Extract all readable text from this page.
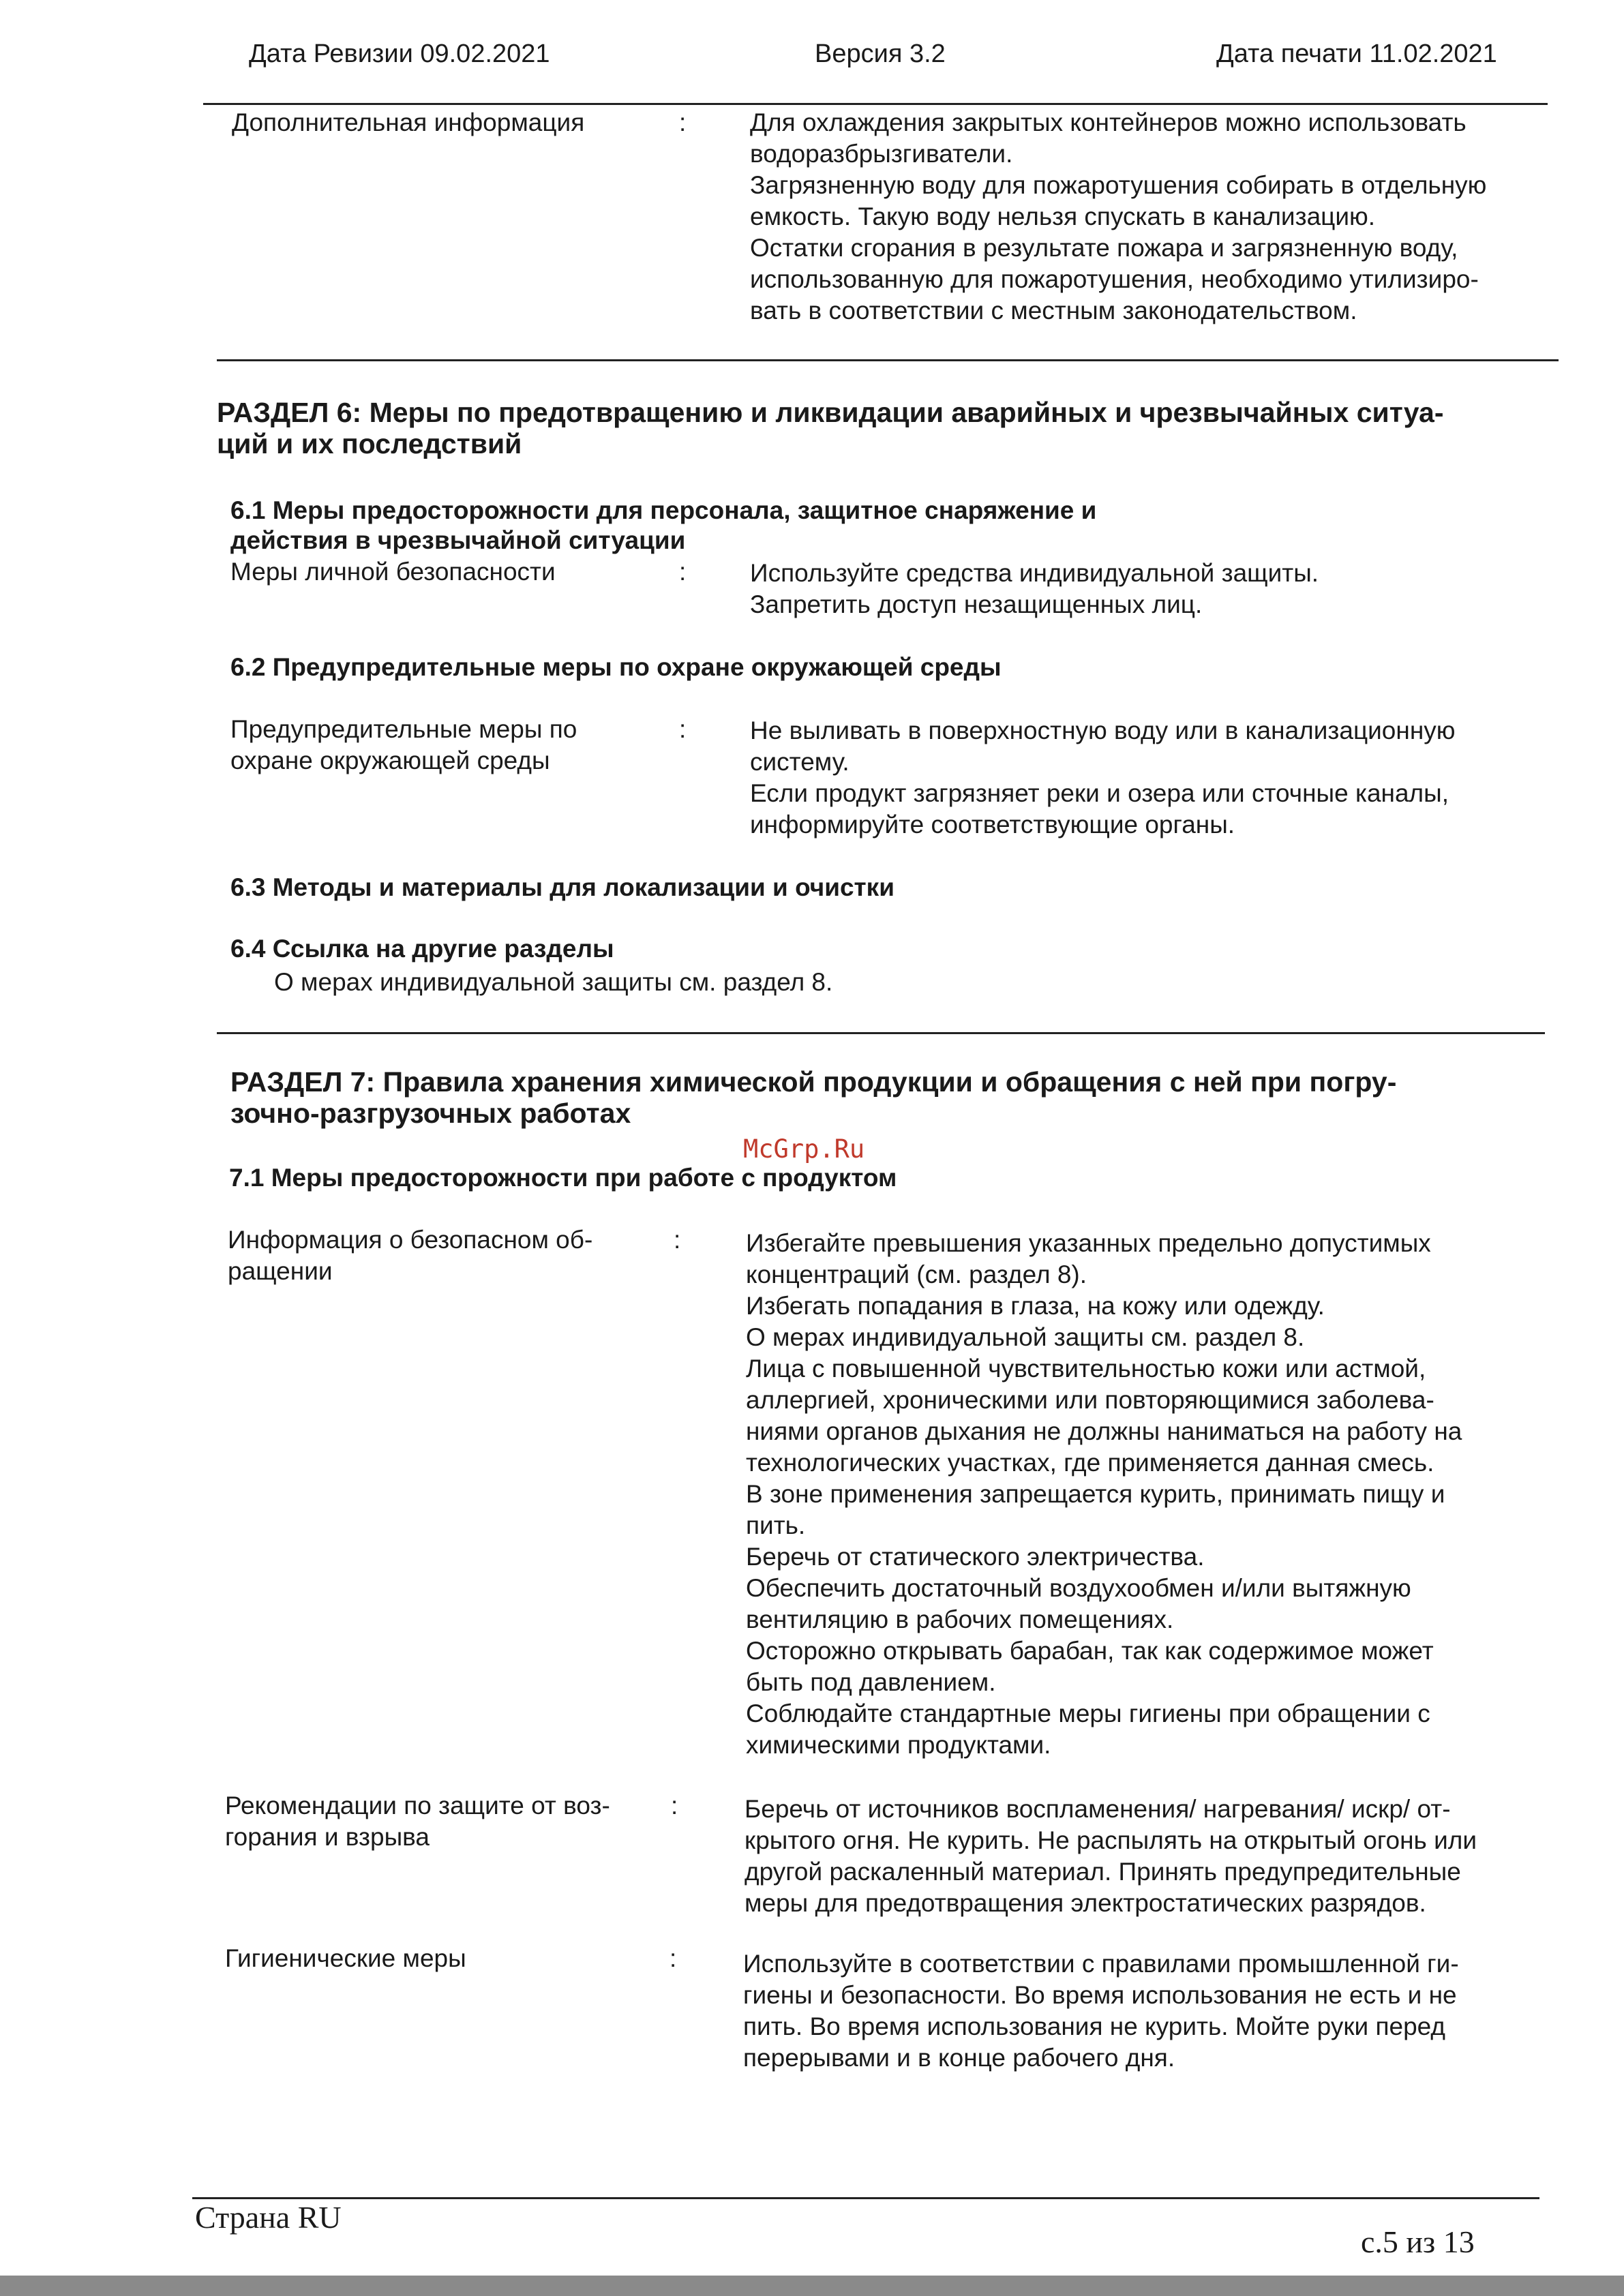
Дата Ревизии 09.02.2021	Версия 3.2	Дата печати 11.02.2021
Дополнительная информация	:	Для охлаждения закрытых контейнеров можно использовать
водоразбрызгиватели.
Загрязненную воду для пожаротушения собирать в отдельную
емкость. Такую воду нельзя спускать в канализацию.
Остатки сгорания в результате пожара и загрязненную воду,
использованную для пожаротушения, необходимо утилизиро-
вать в соответствии с местным законодательством.
РАЗДЕЛ 6: Меры по предотвращению и ликвидации аварийных и чрезвычайных ситуа-
ций и их последствий
6.1 Меры предосторожности для персонала, защитное снаряжение и
действия в чрезвычайной ситуации
Меры личной безопасности	:	Используйте средства индивидуальной защиты.
Запретить доступ незащищенных лиц.
6.2 Предупредительные меры по охране окружающей среды
Предупредительные меры по
охране окружающей среды
:	Не выливать в поверхностную воду или в канализационную
систему.
Если продукт загрязняет реки и озера или сточные каналы,
информируйте соответствующие органы.
6.3 Методы и материалы для локализации и очистки
6.4 Ссылка на другие разделы
О мерах индивидуальной защиты см. раздел 8.
РАЗДЕЛ 7: Правила хранения химической продукции и обращения с ней при погру-
зочно-разгрузочных работах
McGrp.Ru
7.1 Меры предосторожности при работе с продуктом
Информация о безопасном об-
ращении
:	Избегайте превышения указанных предельно допустимых
концентраций (см. раздел 8).
Избегать попадания в глаза, на кожу или одежду.
О мерах индивидуальной защиты см. раздел 8.
Лица с повышенной чувствительностью кожи или астмой,
аллергией, хроническими или повторяющимися заболева-
ниями органов дыхания не должны наниматься на работу на
технологических участках, где применяется данная смесь.
В зоне применения запрещается курить, принимать пищу и
пить.
Беречь от статического электричества.
Обеспечить достаточный воздухообмен и/или вытяжную
вентиляцию в рабочих помещениях.
Осторожно открывать барабан, так как содержимое может
быть под давлением.
Соблюдайте стандартные меры гигиены при обращении с
химическими продуктами.
Рекомендации по защите от воз-
горания и взрыва
:	Беречь от источников воспламенения/ нагревания/ искр/ от-
крытого огня. Не курить. Не распылять на открытый огонь или
другой раскаленный материал. Принять предупредительные
меры для предотвращения электростатических разрядов.
Гигиенические меры	:	Используйте в соответствии с правилами промышленной ги-
гиены и безопасности. Во время использования не есть и не
пить. Во время использования не курить. Мойте руки перед
перерывами и в конце рабочего дня.
Страна RU
с.5 из 13
